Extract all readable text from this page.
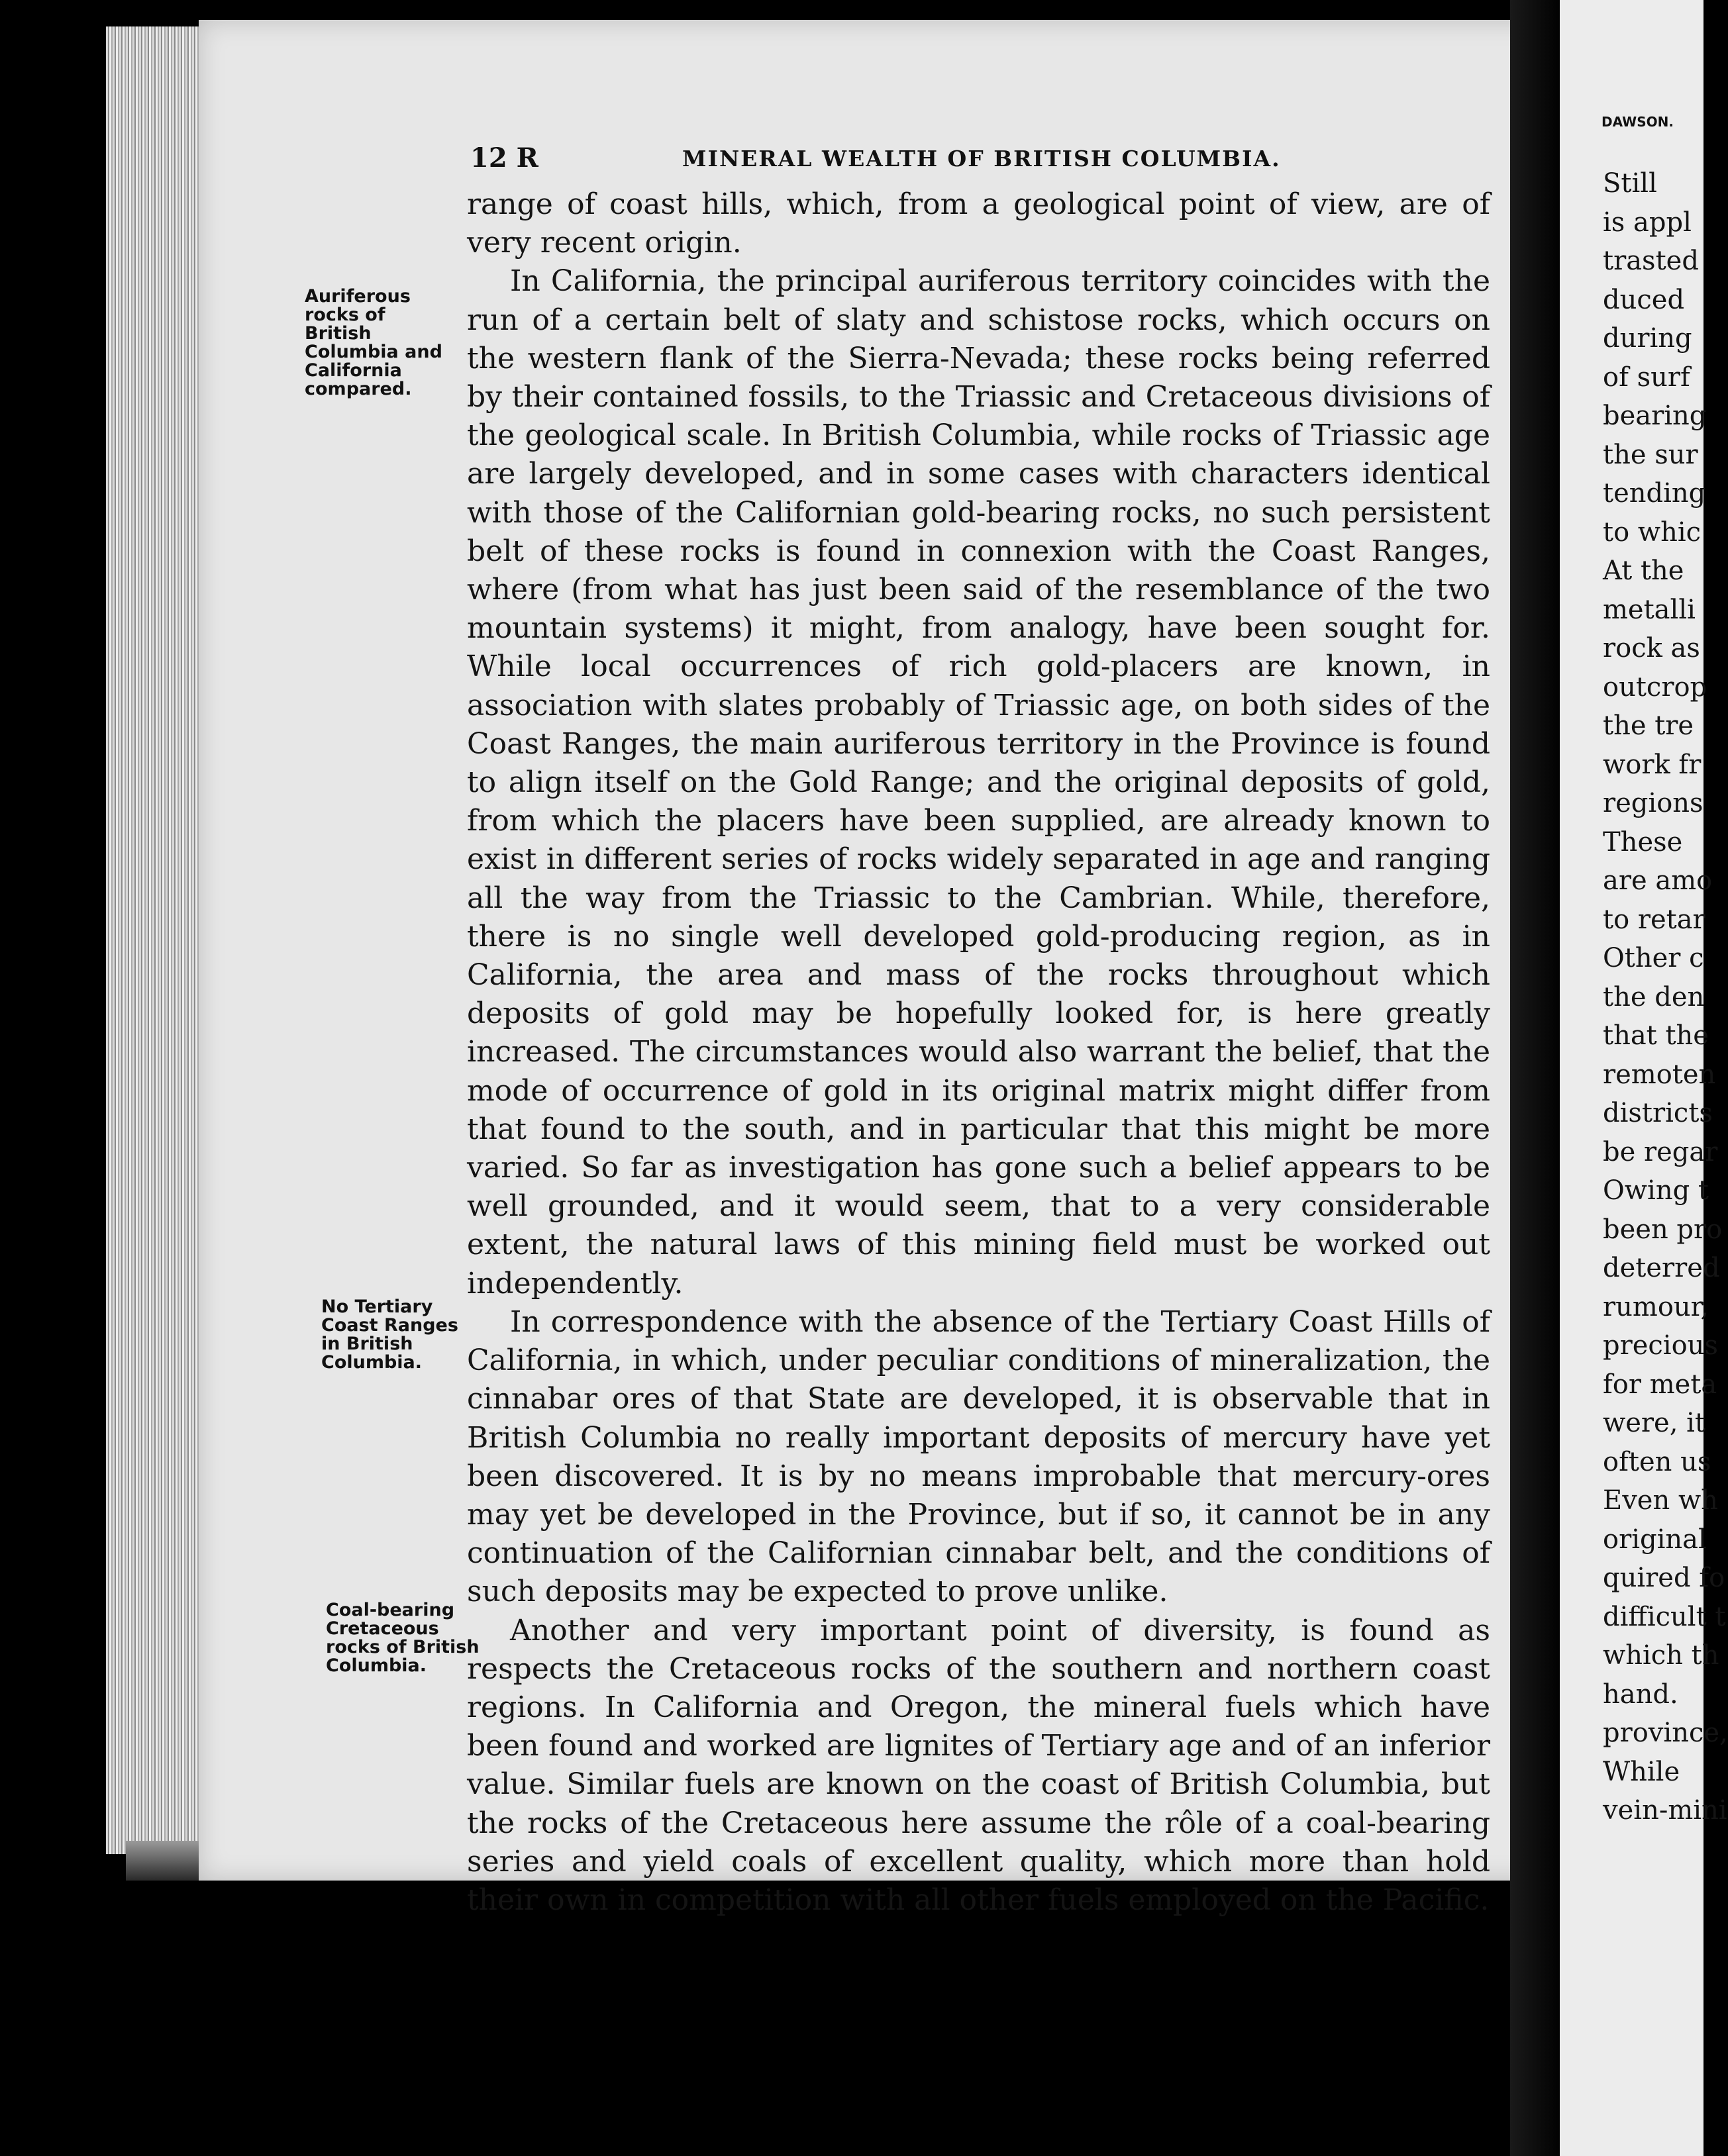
12 R	MINERAL WEALTH OF BRITISH COLUMBIA.
Auriferous rocks of British Columbia and California compared.
No Tertiary Coast Ranges in British Columbia.
Coal-bearing Cretaceous rocks of British Columbia.

range of coast hills, which, from a geological point of view, are of very recent origin.

In California, the principal auriferous territory coincides with the run of a certain belt of slaty and schistose rocks, which occurs on the western flank of the Sierra-Nevada; these rocks being referred by their contained fossils, to the Triassic and Cretaceous divisions of the geological scale. In British Columbia, while rocks of Triassic age are largely developed, and in some cases with characters identical with those of the Californian gold-bearing rocks, no such persistent belt of these rocks is found in connexion with the Coast Ranges, where (from what has just been said of the resemblance of the two mountain systems) it might, from analogy, have been sought for. While local occurrences of rich gold-placers are known, in association with slates probably of Triassic age, on both sides of the Coast Ranges, the main auriferous territory in the Province is found to align itself on the Gold Range; and the original deposits of gold, from which the placers have been supplied, are already known to exist in different series of rocks widely separated in age and ranging all the way from the Triassic to the Cambrian. While, therefore, there is no single well developed gold-producing region, as in California, the area and mass of the rocks throughout which deposits of gold may be hopefully looked for, is here greatly increased. The circumstances would also warrant the belief, that the mode of occurrence of gold in its original matrix might differ from that found to the south, and in particular that this might be more varied. So far as investigation has gone such a belief appears to be well grounded, and it would seem, that to a very considerable extent, the natural laws of this mining field must be worked out independently.

In correspondence with the absence of the Tertiary Coast Hills of California, in which, under peculiar conditions of mineralization, the cinnabar ores of that State are developed, it is observable that in British Columbia no really important deposits of mercury have yet been discovered. It is by no means improbable that mercury-ores may yet be developed in the Province, but if so, it cannot be in any continuation of the Californian cinnabar belt, and the conditions of such deposits may be expected to prove unlike.

Another and very important point of diversity, is found as respects the Cretaceous rocks of the southern and northern coast regions. In California and Oregon, the mineral fuels which have been found and worked are lignites of Tertiary age and of an inferior value. Similar fuels are known on the coast of British Columbia, but the rocks of the Cretaceous here assume the rôle of a coal-bearing series and yield coals of excellent quality, which more than hold their own in competition with all other fuels employed on the Pacific.

DAWSON.
Still
is appl
trasted
duced
during
of surf
bearing
the sur
tending
to whic
At the
metalli
rock as
outcrop
the tre
work fr
regions
These
are amo
to retar
Other c
the den
that the
remoten
districts
be regar
Owing t
been pro
deterred
rumour,
precious
for meta
were, it
often us
Even wh
original
quired fo
difficult t
which th
hand.
province,
While
vein-mini
